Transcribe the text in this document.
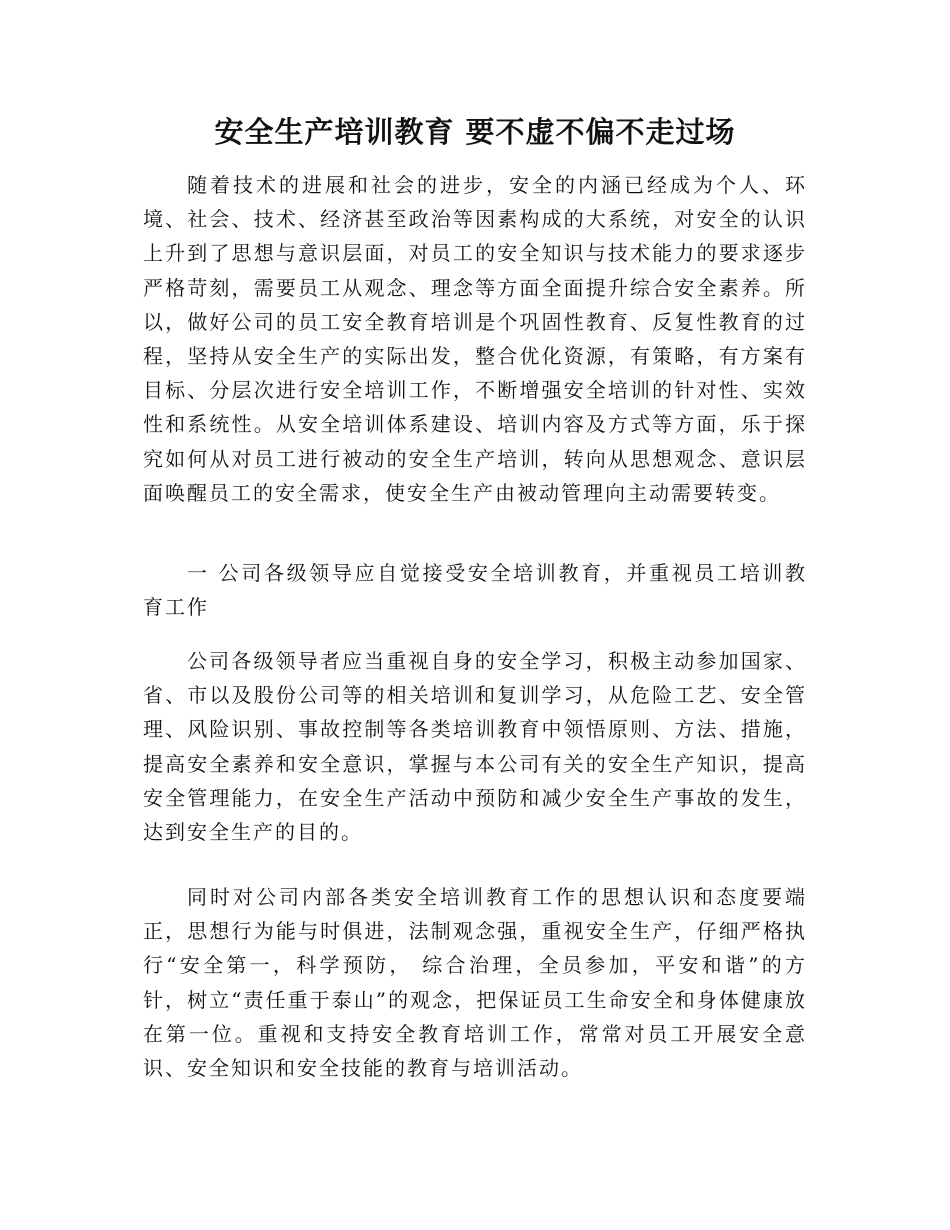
安全生产培训教育 要不虚不偏不走过场

随着技术的进展和社会的进步，安全的内涵已经成为个人、环境、社会、技术、经济甚至政治等因素构成的大系统，对安全的认识上升到了思想与意识层面，对员工的安全知识与技术能力的要求逐步严格苛刻，需要员工从观念、理念等方面全面提升综合安全素养。所以，做好公司的员工安全教育培训是个巩固性教育、反复性教育的过程，坚持从安全生产的实际出发，整合优化资源，有策略，有方案有目标、分层次进行安全培训工作，不断增强安全培训的针对性、实效性和系统性。从安全培训体系建设、培训内容及方式等方面，乐于探究如何从对员工进行被动的安全生产培训，转向从思想观念、意识层面唤醒员工的安全需求，使安全生产由被动管理向主动需要转变。

一 公司各级领导应自觉接受安全培训教育，并重视员工培训教育工作

公司各级领导者应当重视自身的安全学习，积极主动参加国家、省、市以及股份公司等的相关培训和复训学习，从危险工艺、安全管理、风险识别、事故控制等各类培训教育中领悟原则、方法、措施，提高安全素养和安全意识，掌握与本公司有关的安全生产知识，提高安全管理能力，在安全生产活动中预防和减少安全生产事故的发生，达到安全生产的目的。

同时对公司内部各类安全培训教育工作的思想认识和态度要端正，思想行为能与时俱进，法制观念强，重视安全生产，仔细严格执行“安全第一，科学预防， 综合治理，全员参加，平安和谐”的方针，树立“责任重于泰山”的观念，把保证员工生命安全和身体健康放在第一位。重视和支持安全教育培训工作，常常对员工开展安全意识、安全知识和安全技能的教育与培训活动。
